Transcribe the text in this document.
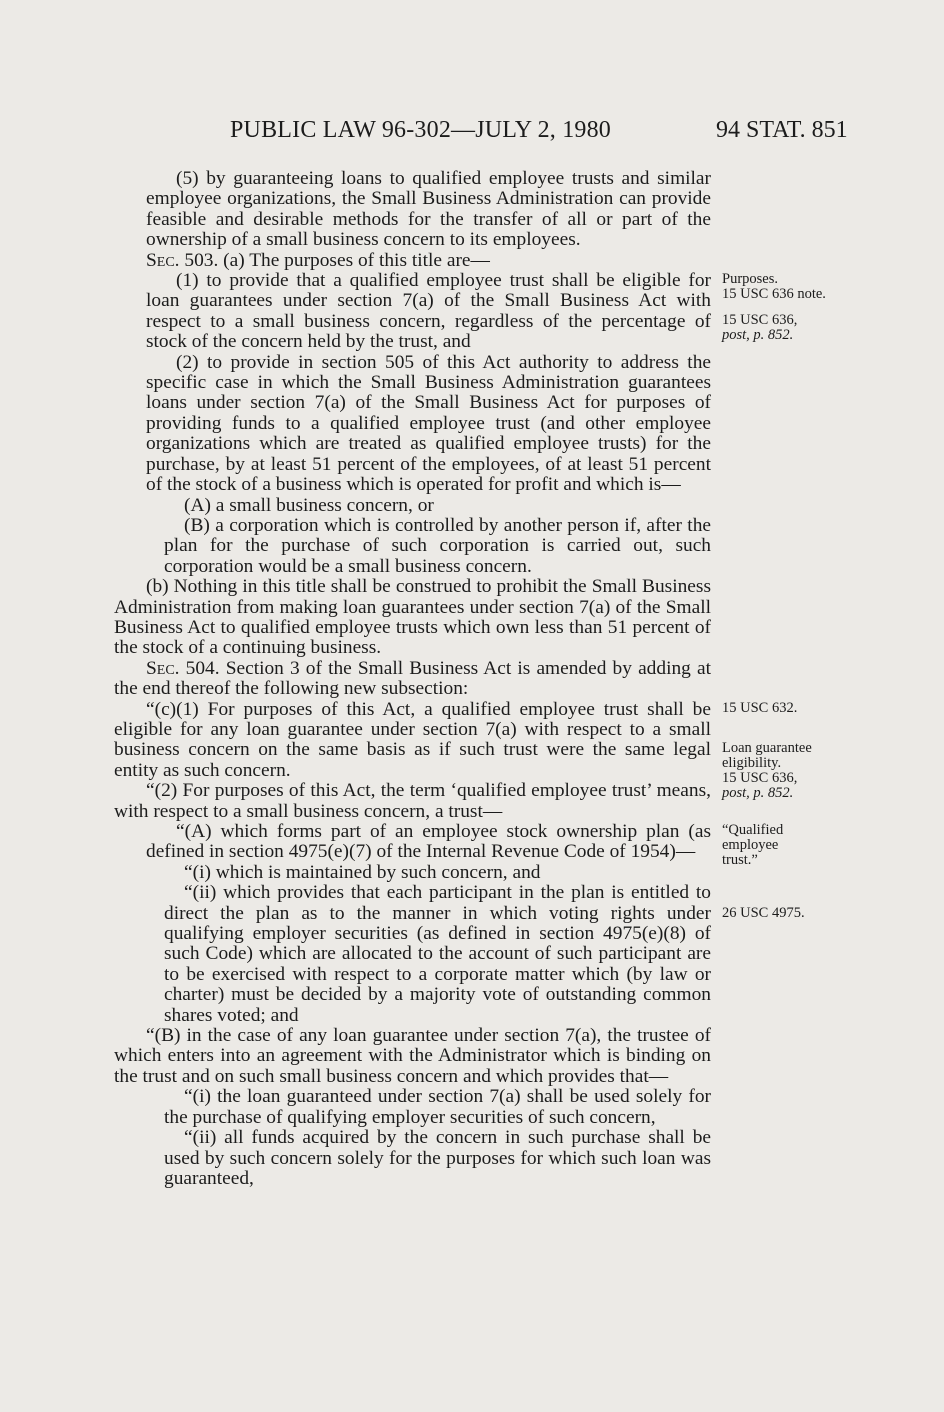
PUBLIC LAW 96-302—JULY 2, 1980	94 STAT. 851

(5) by guaranteeing loans to qualified employee trusts and similar employee organizations, the Small Business Administration can provide feasible and desirable methods for the transfer of all or part of the ownership of a small business concern to its employees.

Sec. 503. (a) The purposes of this title are—

(1) to provide that a qualified employee trust shall be eligible for loan guarantees under section 7(a) of the Small Business Act with respect to a small business concern, regardless of the percentage of stock of the concern held by the trust, and

(2) to provide in section 505 of this Act authority to address the specific case in which the Small Business Administration guarantees loans under section 7(a) of the Small Business Act for purposes of providing funds to a qualified employee trust (and other employee organizations which are treated as qualified employee trusts) for the purchase, by at least 51 percent of the employees, of at least 51 percent of the stock of a business which is operated for profit and which is—

(A) a small business concern, or

(B) a corporation which is controlled by another person if, after the plan for the purchase of such corporation is carried out, such corporation would be a small business concern.

(b) Nothing in this title shall be construed to prohibit the Small Business Administration from making loan guarantees under section 7(a) of the Small Business Act to qualified employee trusts which own less than 51 percent of the stock of a continuing business.

Sec. 504. Section 3 of the Small Business Act is amended by adding at the end thereof the following new subsection:

“(c)(1) For purposes of this Act, a qualified employee trust shall be eligible for any loan guarantee under section 7(a) with respect to a small business concern on the same basis as if such trust were the same legal entity as such concern.

“(2) For purposes of this Act, the term ‘qualified employee trust’ means, with respect to a small business concern, a trust—

“(A) which forms part of an employee stock ownership plan (as defined in section 4975(e)(7) of the Internal Revenue Code of 1954)—

“(i) which is maintained by such concern, and

“(ii) which provides that each participant in the plan is entitled to direct the plan as to the manner in which voting rights under qualifying employer securities (as defined in section 4975(e)(8) of such Code) which are allocated to the account of such participant are to be exercised with respect to a corporate matter which (by law or charter) must be decided by a majority vote of outstanding common shares voted; and

“(B) in the case of any loan guarantee under section 7(a), the trustee of which enters into an agreement with the Administrator which is binding on the trust and on such small business concern and which provides that—

“(i) the loan guaranteed under section 7(a) shall be used solely for the purchase of qualifying employer securities of such concern,

“(ii) all funds acquired by the concern in such purchase shall be used by such concern solely for the purposes for which such loan was guaranteed,

Purposes.
15 USC 636 note.
15 USC 636,
post, p. 852.
15 USC 632.
Loan guarantee eligibility.
15 USC 636,
post, p. 852.
“Qualified employee trust.”
26 USC 4975.
